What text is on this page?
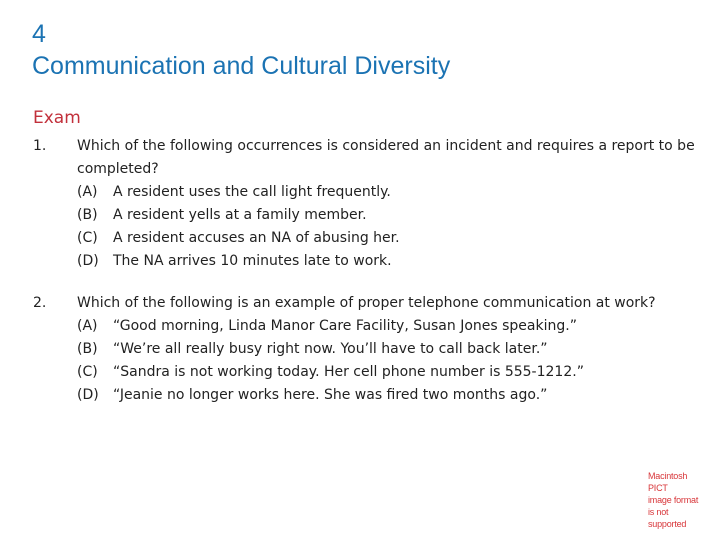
4
Communication and Cultural Diversity
Exam
1. Which of the following occurrences is considered an incident and requires a report to be completed?
(A) A resident uses the call light frequently.
(B) A resident yells at a family member.
(C) A resident accuses an NA of abusing her.
(D) The NA arrives 10 minutes late to work.
2. Which of the following is an example of proper telephone communication at work?
(A) “Good morning, Linda Manor Care Facility, Susan Jones speaking.”
(B) “We’re all really busy right now. You’ll have to call back later.”
(C) “Sandra is not working today. Her cell phone number is 555-1212.”
(D) “Jeanie no longer works here. She was fired two months ago.”
Macintosh PICT
image format
is not supported
